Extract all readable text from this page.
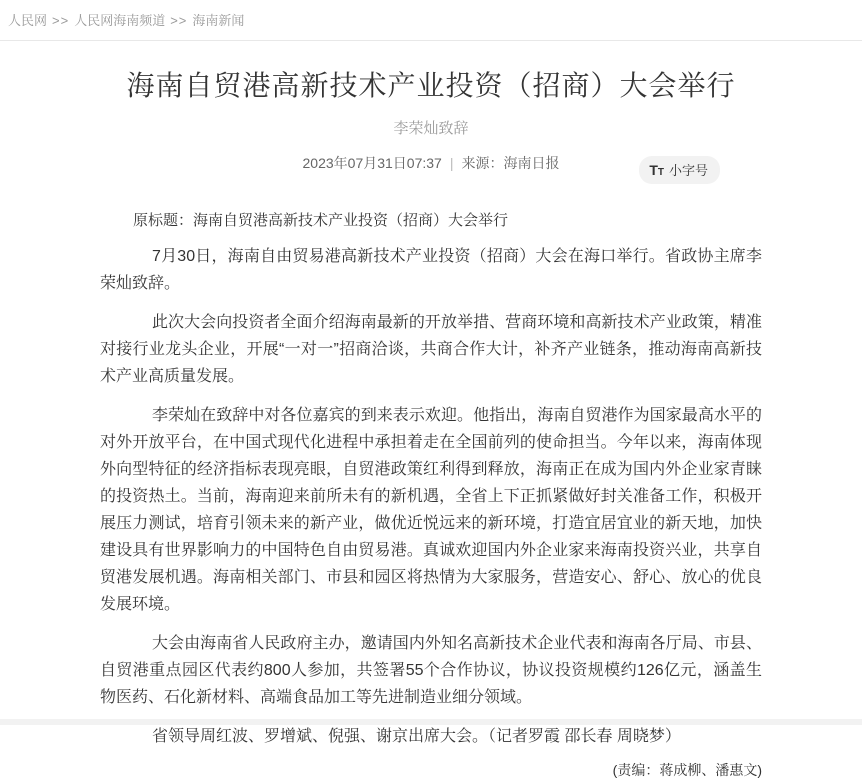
人民网 >> 人民网海南频道 >> 海南新闻
海南自贸港高新技术产业投资（招商）大会举行
李荣灿致辞
2023年07月31日07:37 | 来源：海南日报	T T 小字号

原标题：海南自贸港高新技术产业投资（招商）大会举行

7月30日，海南自由贸易港高新技术产业投资（招商）大会在海口举行。省政协主席李荣灿致辞。

此次大会向投资者全面介绍海南最新的开放举措、营商环境和高新技术产业政策，精准对接行业龙头企业，开展“一对一”招商洽谈，共商合作大计，补齐产业链条，推动海南高新技术产业高质量发展。

李荣灿在致辞中对各位嘉宾的到来表示欢迎。他指出，海南自贸港作为国家最高水平的对外开放平台，在中国式现代化进程中承担着走在全国前列的使命担当。今年以来，海南体现外向型特征的经济指标表现亮眼，自贸港政策红利得到释放，海南正在成为国内外企业家青睐的投资热土。当前，海南迎来前所未有的新机遇，全省上下正抓紧做好封关准备工作，积极开展压力测试，培育引领未来的新产业，做优近悦远来的新环境，打造宜居宜业的新天地，加快建设具有世界影响力的中国特色自由贸易港。真诚欢迎国内外企业家来海南投资兴业，共享自贸港发展机遇。海南相关部门、市县和园区将热情为大家服务，营造安心、舒心、放心的优良发展环境。

大会由海南省人民政府主办，邀请国内外知名高新技术企业代表和海南各厅局、市县、自贸港重点园区代表约800人参加，共签署55个合作协议，协议投资规模约126亿元，涵盖生物医药、石化新材料、高端食品加工等先进制造业细分领域。

省领导周红波、罗增斌、倪强、谢京出席大会。（记者罗霞 邵长春 周晓梦）

(责编：蒋成柳、潘惠文)
